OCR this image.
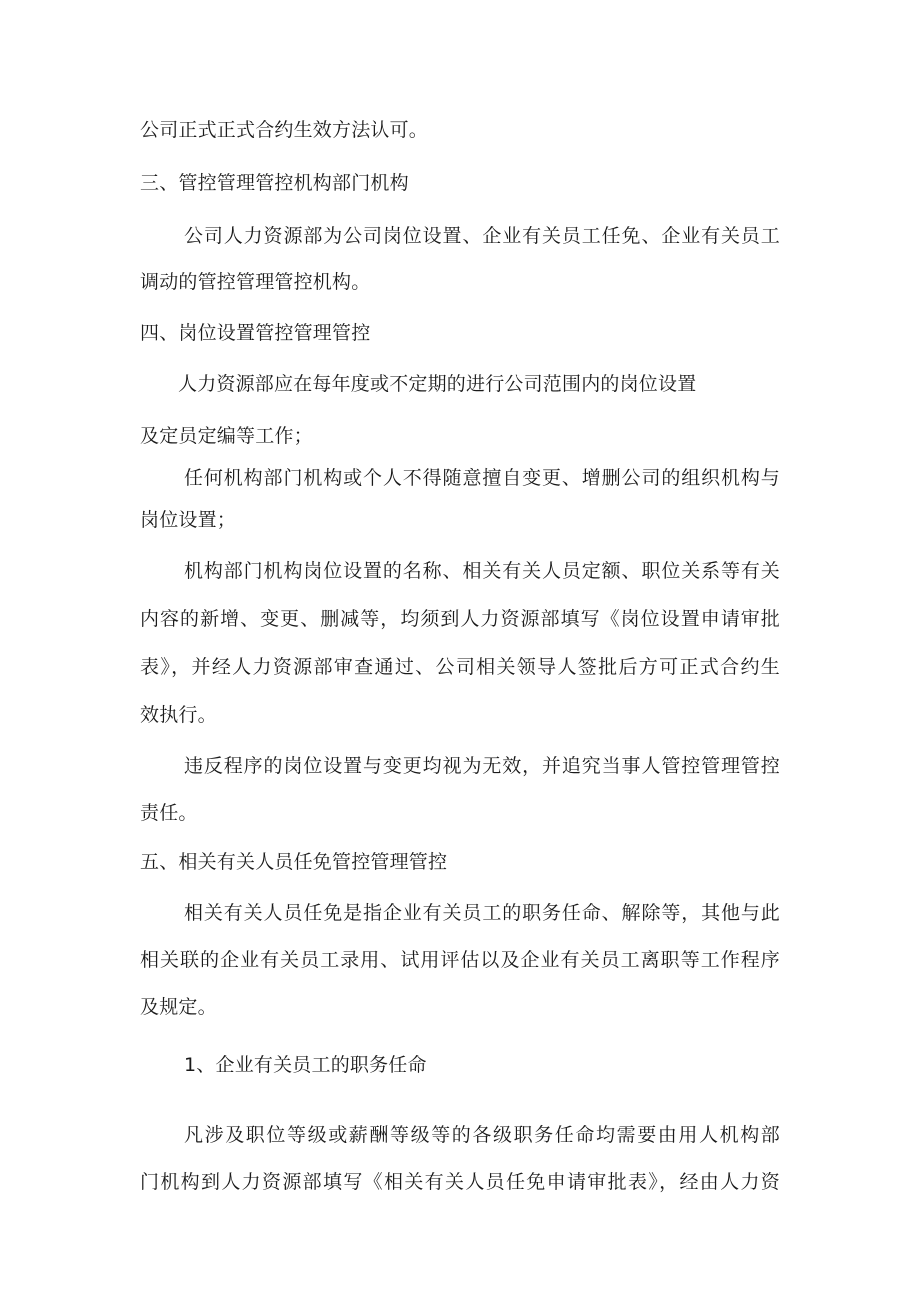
公司正式正式合约生效方法认可。
三、管控管理管控机构部门机构
公司人力资源部为公司岗位设置、企业有关员工任免、企业有关员工
调动的管控管理管控机构。
四、岗位设置管控管理管控
人力资源部应在每年度或不定期的进行公司范围内的岗位设置
及定员定编等工作；
任何机构部门机构或个人不得随意擅自变更、增删公司的组织机构与
岗位设置；
机构部门机构岗位设置的名称、相关有关人员定额、职位关系等有关
内容的新增、变更、删减等，均须到人力资源部填写《岗位设置申请审批
表》，并经人力资源部审查通过、公司相关领导人签批后方可正式合约生
效执行。
违反程序的岗位设置与变更均视为无效，并追究当事人管控管理管控
责任。
五、相关有关人员任免管控管理管控
相关有关人员任免是指企业有关员工的职务任命、解除等，其他与此
相关联的企业有关员工录用、试用评估以及企业有关员工离职等工作程序
及规定。
1、企业有关员工的职务任命
凡涉及职位等级或薪酬等级等的各级职务任命均需要由用人机构部
门机构到人力资源部填写《相关有关人员任免申请审批表》，经由人力资
